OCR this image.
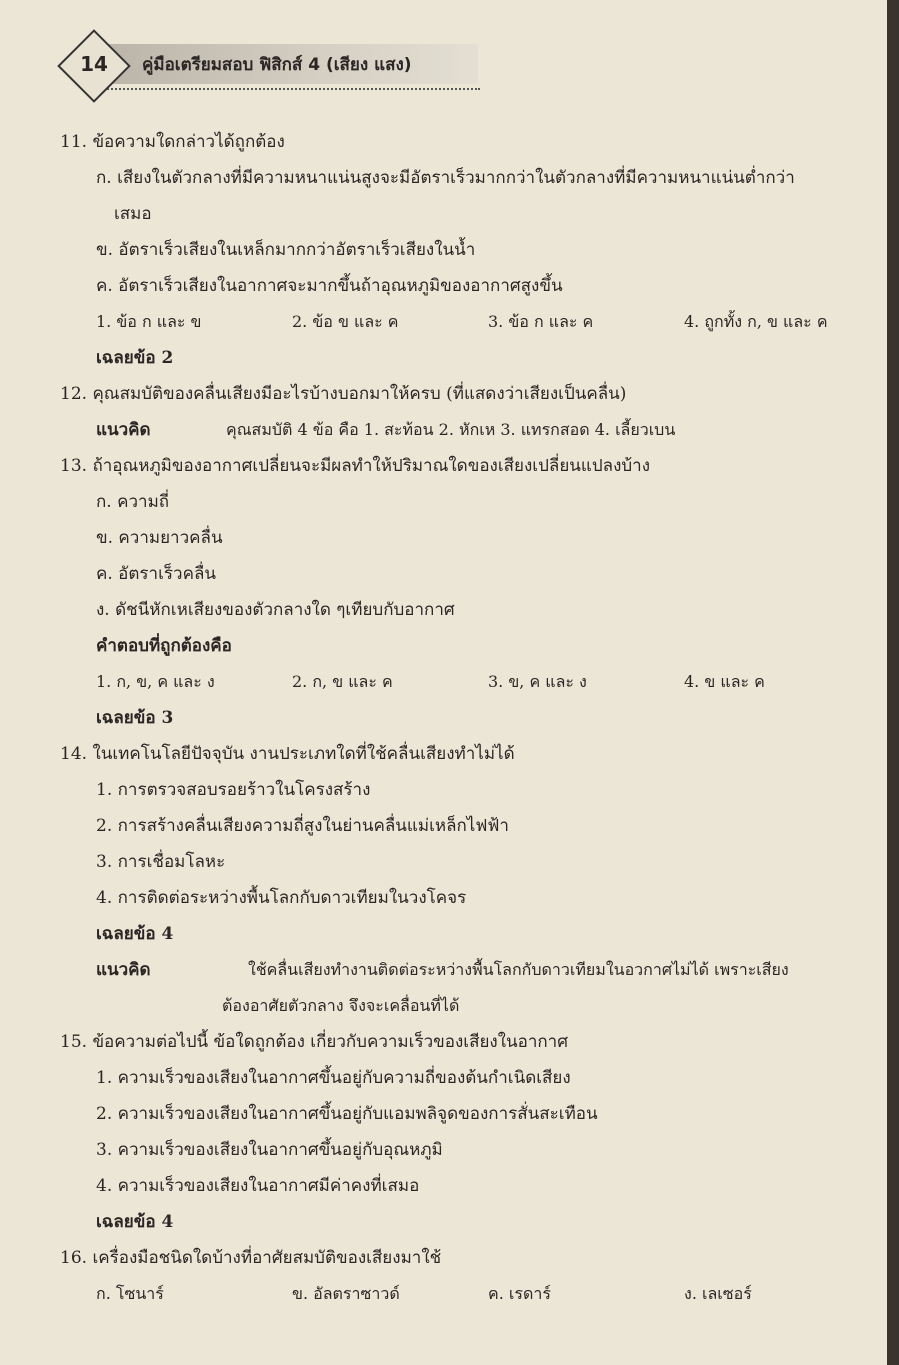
14	คู่มือเตรียมสอบ ฟิสิกส์ 4 (เสียง แสง)
11. ข้อความใดกล่าวได้ถูกต้อง
ก. เสียงในตัวกลางที่มีความหนาแน่นสูงจะมีอัตราเร็วมากกว่าในตัวกลางที่มีความหนาแน่นต่ำกว่า
เสมอ
ข. อัตราเร็วเสียงในเหล็กมากกว่าอัตราเร็วเสียงในน้ำ
ค. อัตราเร็วเสียงในอากาศจะมากขึ้นถ้าอุณหภูมิของอากาศสูงขึ้น
1. ข้อ ก และ ข	2. ข้อ ข และ ค	3. ข้อ ก และ ค	4. ถูกทั้ง ก, ข และ ค
เฉลยข้อ 2
12. คุณสมบัติของคลื่นเสียงมีอะไรบ้างบอกมาให้ครบ (ที่แสดงว่าเสียงเป็นคลื่น)
แนวคิด	คุณสมบัติ 4 ข้อ คือ 1. สะท้อน 2. หักเห 3. แทรกสอด 4. เลี้ยวเบน
13. ถ้าอุณหภูมิของอากาศเปลี่ยนจะมีผลทำให้ปริมาณใดของเสียงเปลี่ยนแปลงบ้าง
ก. ความถี่
ข. ความยาวคลื่น
ค. อัตราเร็วคลื่น
ง. ดัชนีหักเหเสียงของตัวกลางใด ๆเทียบกับอากาศ
คำตอบที่ถูกต้องคือ
1. ก, ข, ค และ ง	2. ก, ข และ ค	3. ข, ค และ ง	4. ข และ ค
เฉลยข้อ 3
14. ในเทคโนโลยีปัจจุบัน งานประเภทใดที่ใช้คลื่นเสียงทำไม่ได้
1. การตรวจสอบรอยร้าวในโครงสร้าง
2. การสร้างคลื่นเสียงความถี่สูงในย่านคลื่นแม่เหล็กไฟฟ้า
3. การเชื่อมโลหะ
4. การติดต่อระหว่างพื้นโลกกับดาวเทียมในวงโคจร
เฉลยข้อ 4
แนวคิด	ใช้คลื่นเสียงทำงานติดต่อระหว่างพื้นโลกกับดาวเทียมในอวกาศไม่ได้ เพราะเสียง
ต้องอาศัยตัวกลาง จึงจะเคลื่อนที่ได้
15. ข้อความต่อไปนี้ ข้อใดถูกต้อง เกี่ยวกับความเร็วของเสียงในอากาศ
1. ความเร็วของเสียงในอากาศขึ้นอยู่กับความถี่ของต้นกำเนิดเสียง
2. ความเร็วของเสียงในอากาศขึ้นอยู่กับแอมพลิจูดของการสั่นสะเทือน
3. ความเร็วของเสียงในอากาศขึ้นอยู่กับอุณหภูมิ
4. ความเร็วของเสียงในอากาศมีค่าคงที่เสมอ
เฉลยข้อ 4
16. เครื่องมือชนิดใดบ้างที่อาศัยสมบัติของเสียงมาใช้
ก. โซนาร์	ข. อัลตราซาวด์	ค. เรดาร์	ง. เลเซอร์
